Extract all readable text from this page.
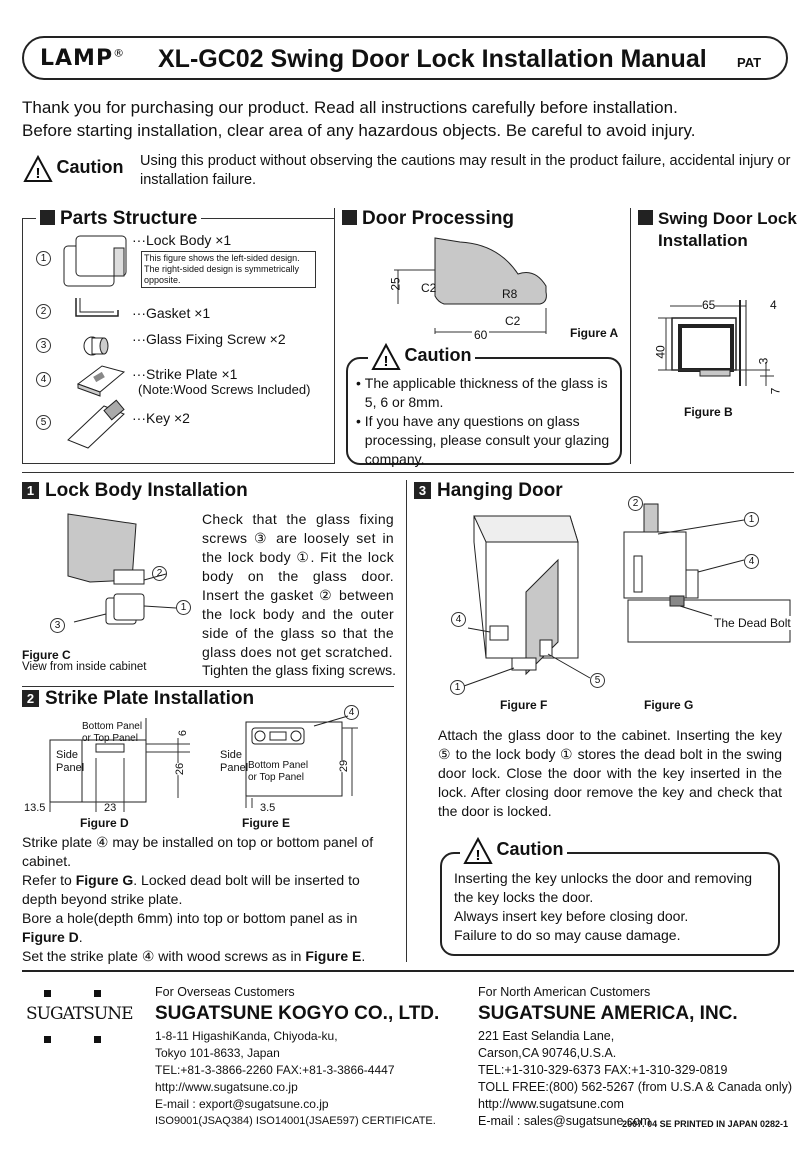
LAMP® XL-GC02 Swing Door Lock Installation Manual PAT
Thank you for purchasing our product. Read all instructions carefully before installation.
Before starting installation, clear area of any hazardous objects. Be careful to avoid injury.
! Caution Using this product without observing the cautions may result in the product failure, accidental injury or installation failure.
Parts Structure
1
···Lock Body ×1
This figure shows the left-sided design. The right-sided design is symmetrically opposite.
2	···Gasket ×1
3	···Glass Fixing Screw ×2
4	···Strike Plate ×1
(Note:Wood Screws Included)
5	···Key ×2
Door Processing
25 C2	R8
C2
60	Figure A
! Caution
• The applicable thickness of the glass is 5, 6 or 8mm.
• If you have any questions on glass processing, please consult your glazing company.
Swing Door Lock
Installation
65	4
40
3
7
Figure B
1 Lock Body Installation
2
1
3
Figure C
View from inside cabinet
Check that the glass fixing screws ③ are loosely set in the lock body ①. Fit the lock body on the glass door. Insert the gasket ② between the lock body and the outer side of the glass so that the glass does not get scratched.
Tighten the glass fixing screws.
2 Strike Plate Installation
Bottom Panel or Top Panel
Side Panel
6
26
13.5	23
Figure D
4
Bottom Panel or Top Panel
Side Panel	29
3.5
Figure E
Strike plate ④ may be installed on top or bottom panel of cabinet.
Refer to Figure G. Locked dead bolt will be inserted to depth beyond strike plate.
Bore a hole(depth 6mm) into top or bottom panel as in Figure D.
Set the strike plate ④ with wood screws as in Figure E.
3 Hanging Door
4
1
5
Figure F
2
1
4
The Dead Bolt
Figure G
Attach the glass door to the cabinet. Inserting the key ⑤ to the lock body ① stores the dead bolt in the swing door lock. Close the door with the key inserted in the lock. After closing door remove the key and check that the door is locked.
! Caution
Inserting the key unlocks the door and removing the key locks the door.
Always insert key before closing door.
Failure to do so may cause damage.
SUGATSUNE
For Overseas Customers
SUGATSUNE KOGYO CO., LTD.
1-8-11 HigashiKanda, Chiyoda-ku,
Tokyo 101-8633, Japan
TEL:+81-3-3866-2260 FAX:+81-3-3866-4447
http://www.sugatsune.co.jp
E-mail : export@sugatsune.co.jp
ISO9001(JSAQ384) ISO14001(JSAE597) CERTIFICATE.
For North American Customers
SUGATSUNE AMERICA, INC.
221 East Selandia Lane,
Carson,CA 90746,U.S.A.
TEL:+1-310-329-6373 FAX:+1-310-329-0819
TOLL FREE:(800) 562-5267 (from U.S.A & Canada only)
http://www.sugatsune.com
E-mail : sales@sugatsune.com
2007. 04 SE PRINTED IN JAPAN 0282-1
